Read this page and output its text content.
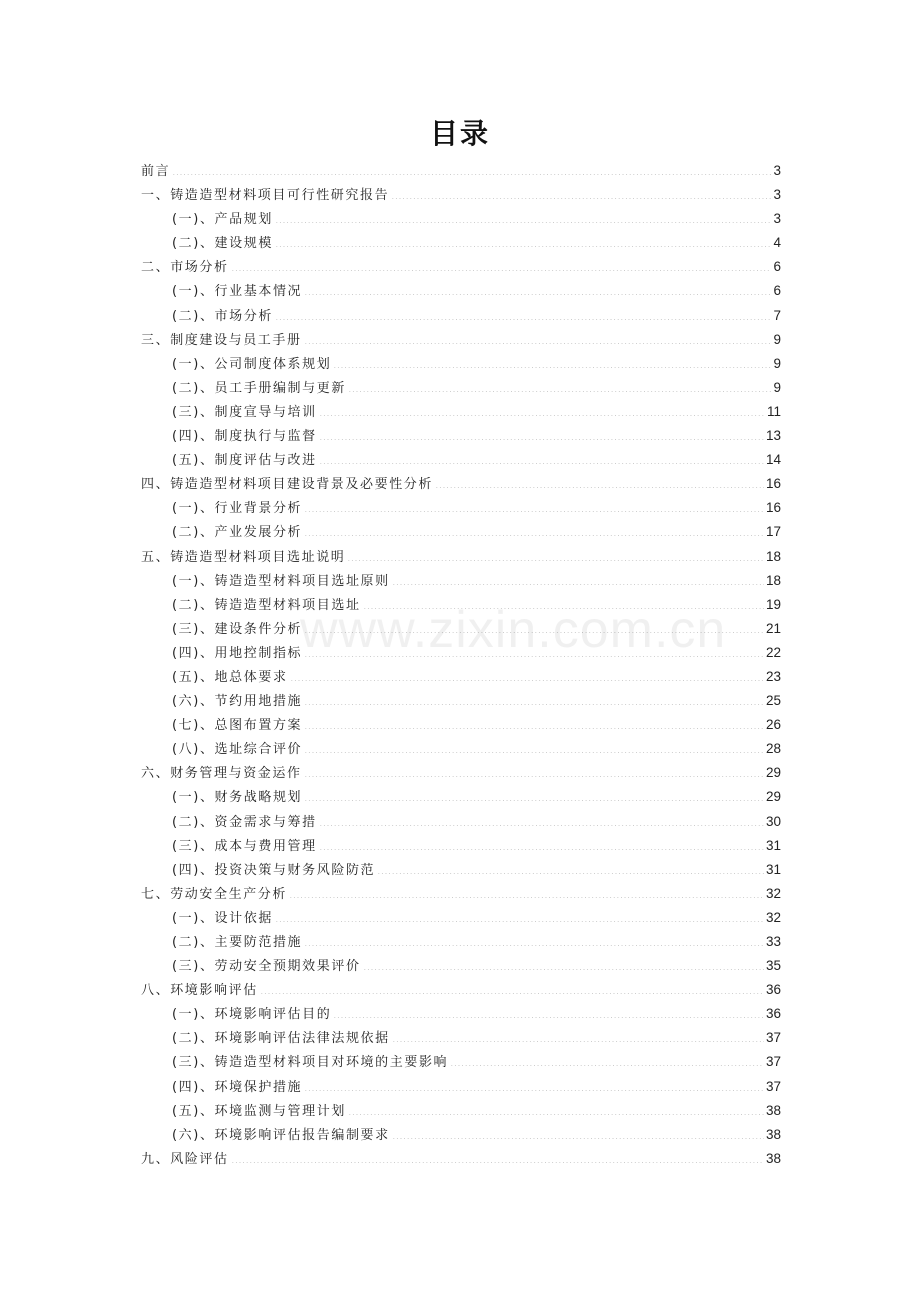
目录
前言	3
一、铸造造型材料项目可行性研究报告	3
(一)、产品规划	3
(二)、建设规模	4
二、市场分析	6
(一)、行业基本情况	6
(二)、市场分析	7
三、制度建设与员工手册	9
(一)、公司制度体系规划	9
(二)、员工手册编制与更新	9
(三)、制度宣导与培训	11
(四)、制度执行与监督	13
(五)、制度评估与改进	14
四、铸造造型材料项目建设背景及必要性分析	16
(一)、行业背景分析	16
(二)、产业发展分析	17
五、铸造造型材料项目选址说明	18
(一)、铸造造型材料项目选址原则	18
(二)、铸造造型材料项目选址	19
(三)、建设条件分析	21
(四)、用地控制指标	22
(五)、地总体要求	23
(六)、节约用地措施	25
(七)、总图布置方案	26
(八)、选址综合评价	28
六、财务管理与资金运作	29
(一)、财务战略规划	29
(二)、资金需求与筹措	30
(三)、成本与费用管理	31
(四)、投资决策与财务风险防范	31
七、劳动安全生产分析	32
(一)、设计依据	32
(二)、主要防范措施	33
(三)、劳动安全预期效果评价	35
八、环境影响评估	36
(一)、环境影响评估目的	36
(二)、环境影响评估法律法规依据	37
(三)、铸造造型材料项目对环境的主要影响	37
(四)、环境保护措施	37
(五)、环境监测与管理计划	38
(六)、环境影响评估报告编制要求	38
九、风险评估	38
